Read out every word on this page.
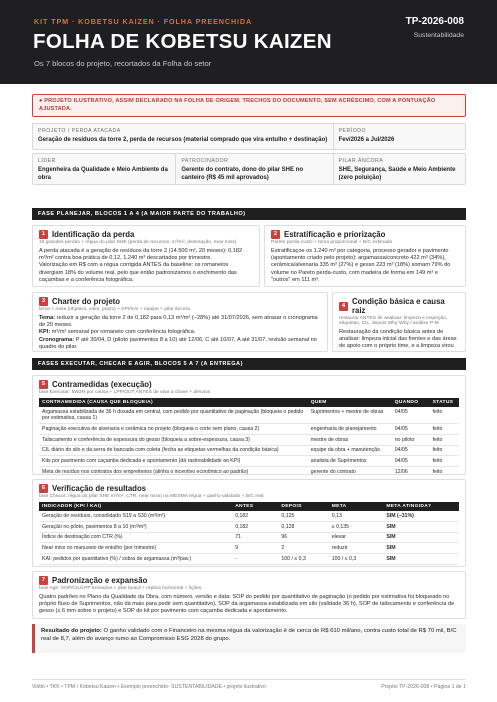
KIT TPM · KOBETSU KAIZEN · FOLHA PREENCHIDA
FOLHA DE KOBETSU KAIZEN
Os 7 blocos do projeto, recortados da Folha do setor
TP-2026-008
Sustentabilidade
● PROJETO ILUSTRATIVO, ASSIM DECLARADO NA FOLHA DE ORIGEM. TRECHOS DO DOCUMENTO, SEM ACRÉSCIMO, COM A PONTUAÇÃO AJUSTADA.
PROJETO / PERDA ATACADA
Geração de resíduos da torre 2, perda de recursos (material comprado que vira entulho + destinação)
PERÍODO
Fev/2026 a Jul/2026
LÍDER
Engenheira da Qualidade e Meio Ambiente da obra
PATROCINADOR
Gerente do contrato, dono do pilar SHE no canteiro (R$ 45 mil aprovados)
PILAR ÂNCORA
SHE, Segurança, Saúde e Meio Ambiente (zero poluição)
FASE PLANEJAR, BLOCOS 1 A 4 (A MAIOR PARTE DO TRABALHO)
1 Identificação da perda
16 grandes perdas + régua do pilar SHE (perda de recursos: m³/m², destinação, near miss)
A perda atacada é a geração de resíduos da torre 2 (14.500 m², 20 meses): 0,182 m³/m² contra boa prática de 0,12, 1.240 m³ descartados por trimestre.
Valorização em R$ com a régua corrigida ANTES da baseline: os romaneios divergiam 18% do volume real, pelo que então padronizamos o enchimento das caçambas e a conferência fotográfica.
2 Estratificação e priorização
Pareto perda-custo + tema proporcional + B/C estimado
Estratificaçoe os 1.240 m³ por categoria, processo gerador e pavimento (apontamento criado pelo projeto): argamassa/concreto 422 m³ (34%), cerâmica/alvenaria 335 m³ (27%) e gesso 223 m³ (18%) somam 79% do volume no Pareto perda-custo, com madeira de forma em 149 m³ e "outros" em 111 m³.
3 Charter do projeto
tema + meta (objetivo, valor, prazo) + KPI/KAI + equipe + pilar âncora
Tema: reduzir a geração da torre 2 de 0,182 para 0,13 m³/m² (−28%) até 31/07/2026, sem atrasar o cronograma de 20 meses.
KPI: m³/m² semanal por romaneio com conferência fotográfica.
Cronograma: P até 30/04, D (piloto pavimentos 8 a 10) até 12/06, C até 10/07, A até 31/07, revisão semanal no quadro do pilar.
4 Condição básica e causa raiz
restaurar ANTES de analisar: limpeza e inspeção, etiquetas, CIL, depois Why-Why / análise P-M
Restauração da condição básica antes de analisar: limpeza inicial das frentes e das áreas de apoio com o próprio time, e a limpeza virou
FASES EXECUTAR, CHECAR E AGIR, BLOCOS 5 A 7 (A ENTREGA)
5 Contramedidas (execução)
fase Executar: 5W2H por causa + LPP/OUT ANTES de virar a chave + desvios
CONTRAMEDIDA (CAUSA QUE BLOQUEIA)	QUEM	QUANDO	STATUS
Argamassa estabilizada de 36 h dosada em central, com pedido por quantitativo de paginação (bloqueia o pedido por estimativa, causa 1)	Suprimentos + mestre de obras	04/05	feito
Paginação executiva de alvenaria e cerâmica no projeto (bloqueia o corte sem plano, causa 2)	engenharia de planejamento	04/05	feito
Taliscamento e conferência de espessura do gesso (bloqueia a sobre-espessura, causa 3)	mestre de obras	no piloto	feito
CIL diário do silo e da serra de bancada com coleta (fecha as etiquetas vermelhas da condição básica)	equipe da obra + manutenção	04/05	feito
Kits por pavimento com caçamba dedicada e apontamento (dá rastreabilidade ao KPI)	analista de Suprimentos	04/05	feito
Meta de resíduo nos contratos dos empreiteiros (alinha o incentivo econômico ao padrão)	gerente do contrato	12/06	feito
6 Verificação de resultados
fase Checar: régua do pilar SHE m³/m², CTR, near miss) na MESMA régua + ganho validado + B/C real
INDICADOR (KPI / KAI)	ANTES	DEPOIS	META	META ATINGIDA?
Geração de resíduos, consolidado S19 a S30 (m³/m²)	0,182	0,125	0,13	SIM (−31%)
Geração no piloto, pavimentos 8 a 10 (m³/m²)	0,182	0,128	≤ 0,135	SIM
Índice de destinação com CTR (%)	71	96	elevar	SIM
Near miss no manuseio de entulho (por trimestre)	9	2	reduzir	SIM
KAI: pedidos por quantitativo (%) / sobra de argamassa (m³/pav.)	-	100 / ≤ 0,3	100 / ≤ 0,3	SIM

7 Padronização e expansão
fase Agir: SOP/CIL/LPP treinados + pilar board + réplica horizontal + lições
Quatro padrões no Plano da Qualidade da Obra, com número, versão e data: SOP do pedido por quantitativo de paginação (o pedido por estimativa foi bloqueado no próprio fluxo de Suprimentos, não dá mais para pedir sem quantitativo), SOP da argamassa estabilizada em silo (validade 36 h), SOP de taliscamento e conferência de gesso (≤ 6 mm sobre o projeto) e SOP do kit por pavimento com caçamba dedicada e apontamento.
Resultado do projeto: O ganho validado com o Financeiro na mesma régua da valorização é de cerca de R$ 610 mil/ano, contra custo total de R$ 70 mil, B/C real de 8,7, além do avanço rumo ao Compromisso ESG 2028 do grupo.
Voltto • TKK • TPM / Kobetsu Kaizen • Exemplo preenchido- SUSTENTABILIDADE • projeto ilustrativo	Projeto TP-2026-008 • Página 1 de 1
